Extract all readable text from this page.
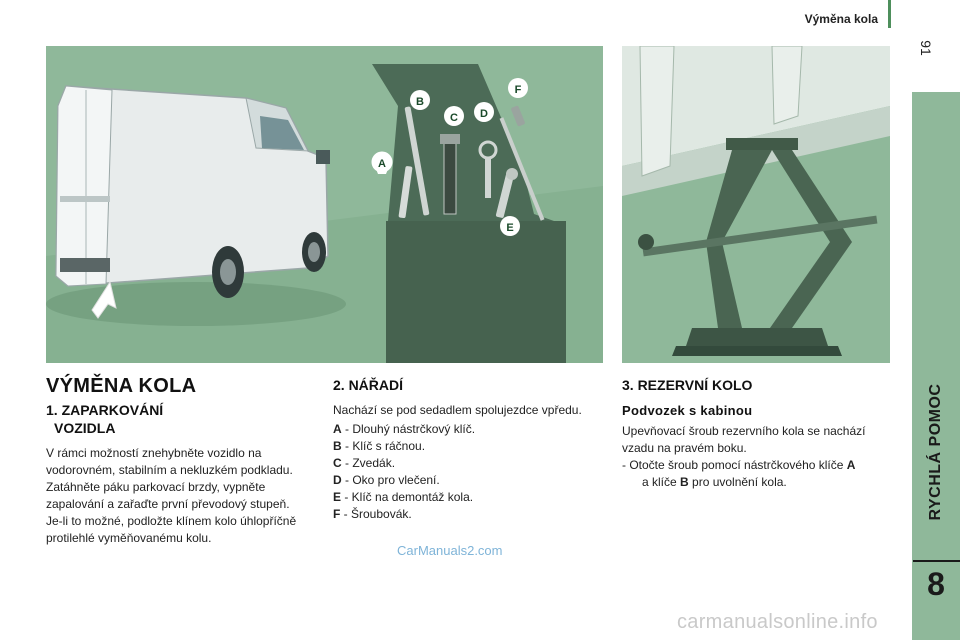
Výměna kola
91
RYCHLÁ POMOC
8
A
B
C D
E
F
VÝMĚNA KOLA
1. ZAPARKOVÁNÍ
VOZIDLA

V rámci možností znehybněte vozidlo na vodorovném, stabilním a nekluzkém podkladu.

Zatáhněte páku parkovací brzdy, vypněte zapalování a zařaďte první převodový stupeň.

Je-li to možné, podložte klínem kolo úhlopříčně protilehlé vyměňovanému kolu.

2. NÁŘADÍ

Nachází se pod sedadlem spolujezdce vpředu.

A - Dlouhý nástrčkový klíč.

B - Klíč s ráčnou.

C - Zvedák.

D - Oko pro vlečení.

E - Klíč na demontáž kola.

F - Šroubovák.

3. REZERVNÍ KOLO
Podvozek s kabinou

Upevňovací šroub rezervního kola se nachází vzadu na pravém boku.

- Otočte šroub pomocí nástrčkového klíče A
a klíče B pro uvolnění kola.

CarManuals2.com
carmanualsonline.info
